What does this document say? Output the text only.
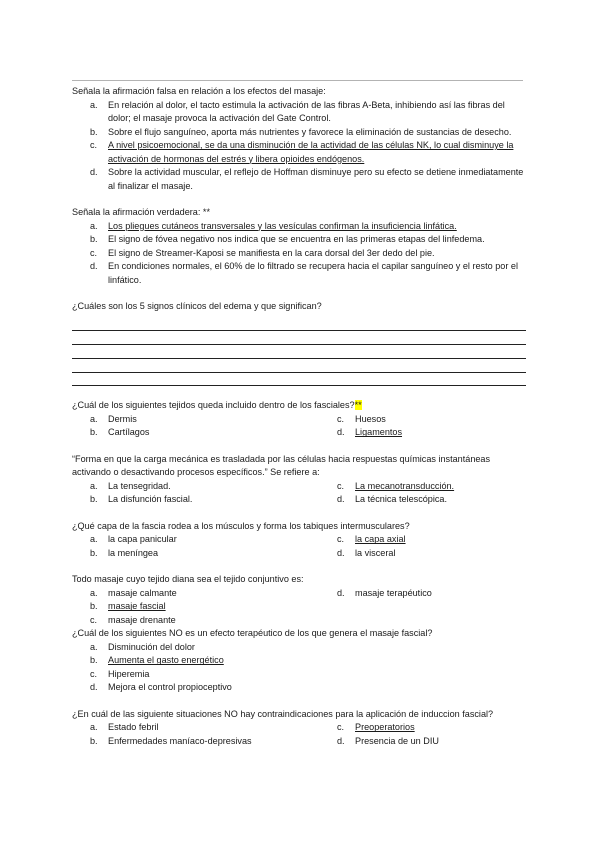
Señala la afirmación falsa en relación a los efectos del masaje:

a. En relación al dolor, el tacto estimula la activación de las fibras A-Beta, inhibiendo así las fibras del dolor; el masaje provoca la activación del Gate Control.
b. Sobre el flujo sanguíneo, aporta más nutrientes y favorece la eliminación de sustancias de desecho.
c. A nivel psicoemocional, se da una disminución de la actividad de las células NK, lo cual disminuye la activación de hormonas del estrés y libera opioides endógenos.
d. Sobre la actividad muscular, el reflejo de Hoffman disminuye pero su efecto se detiene inmediatamente al finalizar el masaje.

Señala la afirmación verdadera: **

a. Los pliegues cutáneos transversales y las vesículas confirman la insuficiencia linfática.
b. El signo de fóvea negativo nos indica que se encuentra en las primeras etapas del linfedema.
c. El signo de Streamer-Kaposi se manifiesta en la cara dorsal del 3er dedo del pie.
d. En condiciones normales, el 60% de lo filtrado se recupera hacia el capilar sanguíneo y el resto por el linfático.

¿Cuáles son los 5 signos clínicos del edema y que significan?

¿Cuál de los siguientes tejidos queda incluido dentro de los fasciales?**

a. Dermis	c. Huesos
b. Cartílagos	d. Ligamentos

“Forma en que la carga mecánica es trasladada por las células hacia respuestas químicas instantáneas activando o desactivando procesos específicos.” Se refiere a:

a. La tensegridad.	c. La mecanotransducción.
b. La disfunción fascial.	d. La técnica telescópica.

¿Qué capa de la fascia rodea a los músculos y forma los tabiques intermusculares?

a. la capa panicular	c. la capa axial
b. la meníngea	d. la visceral

Todo masaje cuyo tejido diana sea el tejido conjuntivo es:

a. masaje calmante	d. masaje terapéutico
b. masaje fascial
c. masaje drenante

¿Cuál de los siguientes NO es un efecto terapéutico de los que genera el masaje fascial?

a. Disminución del dolor
b. Aumenta el gasto energético
c. Hiperemia
d. Mejora el control propioceptivo

¿En cuál de las siguiente situaciones NO hay contraindicaciones para la aplicación de induccion fascial?

a. Estado febril	c. Preoperatorios
b. Enfermedades maníaco-depresivas	d. Presencia de un DIU
